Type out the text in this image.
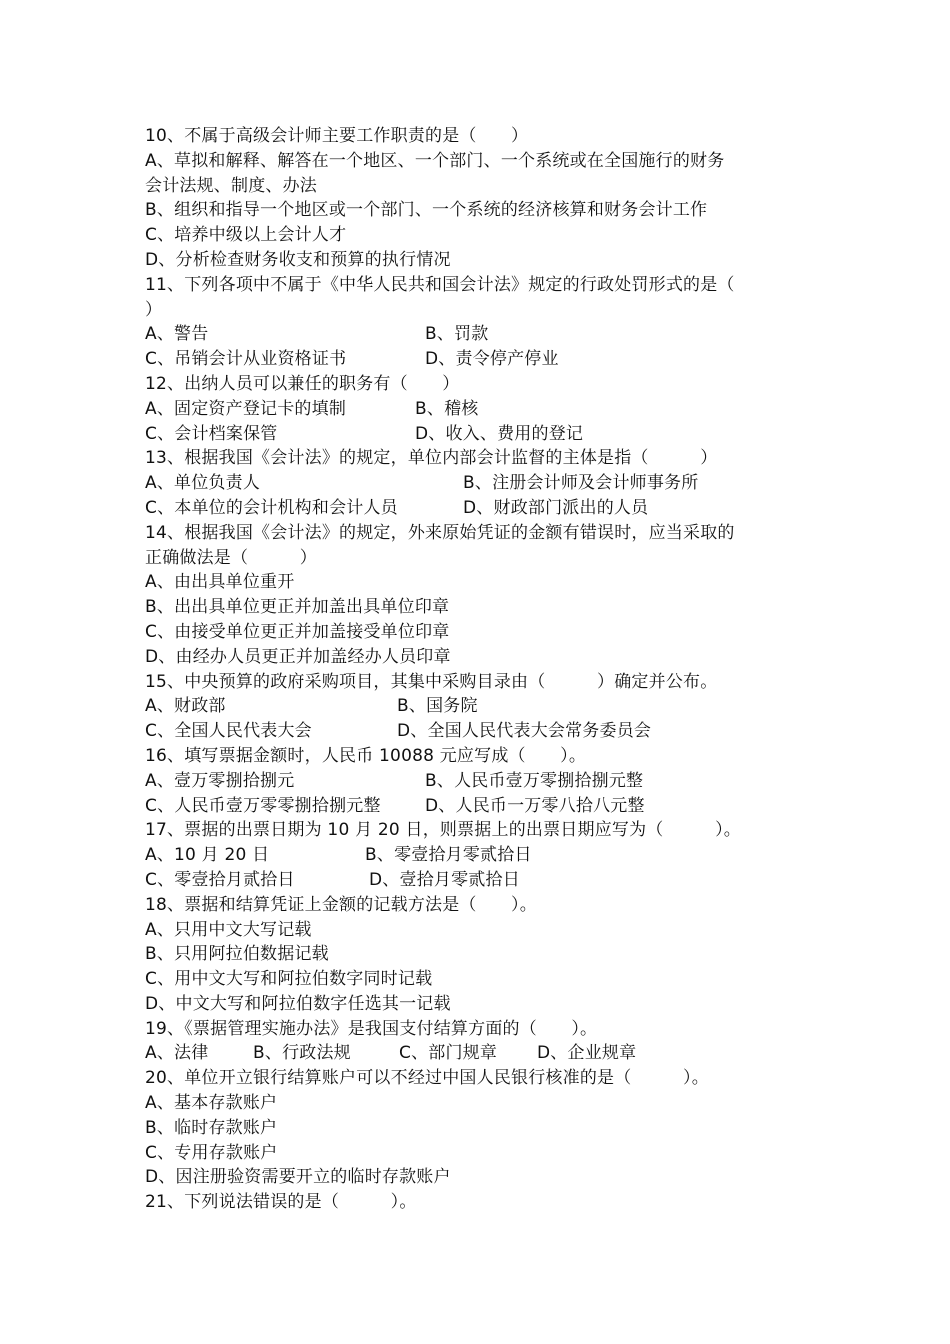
10、不属于高级会计师主要工作职责的是（　　）
A、草拟和解释、解答在一个地区、一个部门、一个系统或在全国施行的财务
会计法规、制度、办法
B、组织和指导一个地区或一个部门、一个系统的经济核算和财务会计工作
C、培养中级以上会计人才
D、分析检查财务收支和预算的执行情况
11、下列各项中不属于《中华人民共和国会计法》规定的行政处罚形式的是（
）
A、警告	B、罚款
C、吊销会计从业资格证书	D、责令停产停业
12、出纳人员可以兼任的职务有（　　）
A、固定资产登记卡的填制	B、稽核
C、会计档案保管	D、收入、费用的登记
13、根据我国《会计法》的规定，单位内部会计监督的主体是指（　　　）
A、单位负责人	B、注册会计师及会计师事务所
C、本单位的会计机构和会计人员	D、财政部门派出的人员
14、根据我国《会计法》的规定，外来原始凭证的金额有错误时，应当采取的
正确做法是（　　　）
A、由出具单位重开
B、出出具单位更正并加盖出具单位印章
C、由接受单位更正并加盖接受单位印章
D、由经办人员更正并加盖经办人员印章
15、中央预算的政府采购项目，其集中采购目录由（　　　）确定并公布。
A、财政部	B、国务院
C、全国人民代表大会	D、全国人民代表大会常务委员会
16、填写票据金额时，人民币 10088 元应写成（　　）。
A、壹万零捌拾捌元	B、人民币壹万零捌拾捌元整
C、人民币壹万零零捌拾捌元整	D、人民币一万零八拾八元整
17、票据的出票日期为 10 月 20 日，则票据上的出票日期应写为（　　　）。
A、10 月 20 日	B、零壹拾月零贰拾日
C、零壹拾月贰拾日	D、壹拾月零贰拾日
18、票据和结算凭证上金额的记载方法是（　　）。
A、只用中文大写记载
B、只用阿拉伯数据记载
C、用中文大写和阿拉伯数字同时记载
D、中文大写和阿拉伯数字任选其一记载
19、《票据管理实施办法》是我国支付结算方面的（　　）。
A、法律	B、行政法规	C、部门规章 D、企业规章
20、单位开立银行结算账户可以不经过中国人民银行核准的是（　　　）。
A、基本存款账户
B、临时存款账户
C、专用存款账户
D、因注册验资需要开立的临时存款账户
21、下列说法错误的是（　　　）。
